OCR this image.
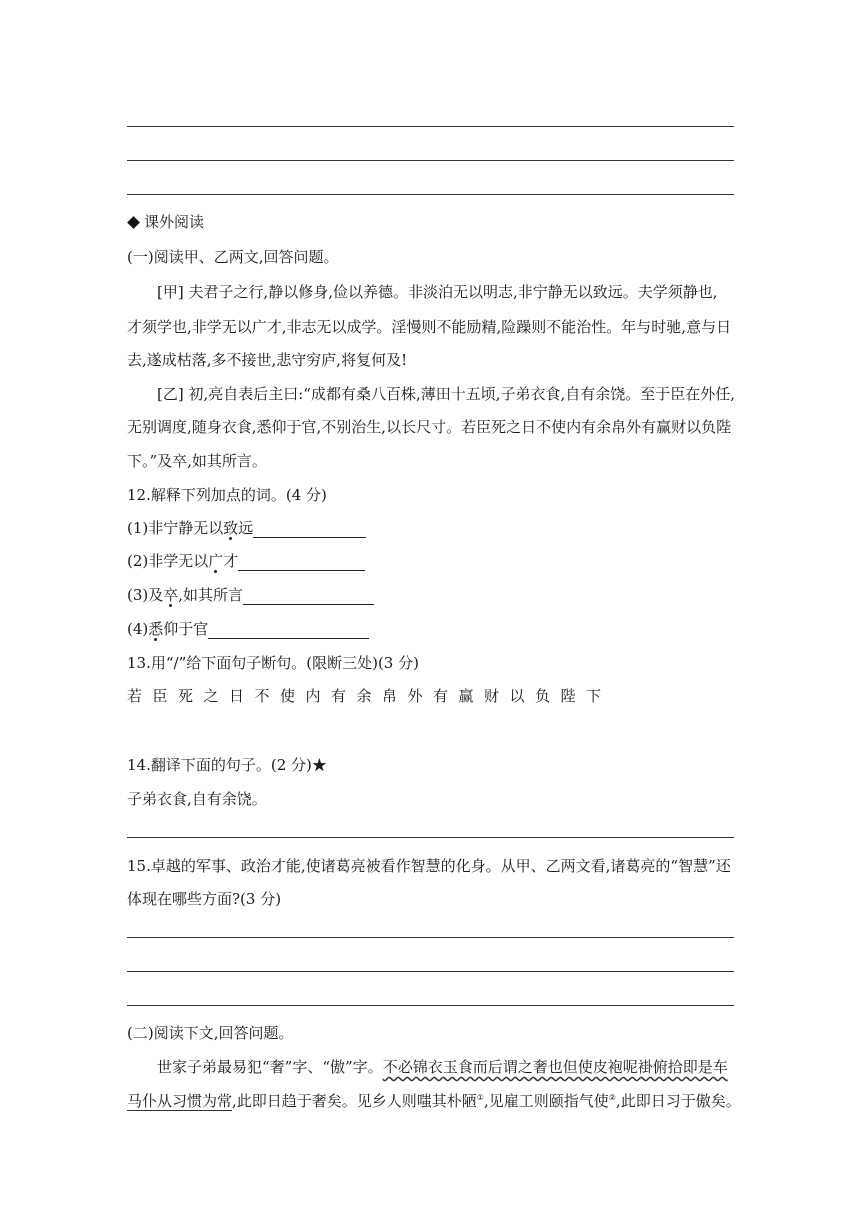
课外阅读
(一)阅读甲、乙两文,回答问题。
[甲] 夫君子之行,静以修身,俭以养德。非淡泊无以明志,非宁静无以致远。夫学须静也,
才须学也,非学无以广才,非志无以成学。淫慢则不能励精,险躁则不能治性。年与时驰,意与日
去,遂成枯落,多不接世,悲守穷庐,将复何及!
[乙] 初,亮自表后主曰:“成都有桑八百株,薄田十五顷,子弟衣食,自有余饶。至于臣在外任,
无别调度,随身衣食,悉仰于官,不别治生,以长尺寸。若臣死之日不使内有余帛外有赢财以负陛
下。”及卒,如其所言。
12.解释下列加点的词。(4 分)
(1)非宁静无以致远
(2)非学无以广才
(3)及卒,如其所言
(4)悉仰于官
13.用“/”给下面句子断句。(限断三处)(3 分)
若臣死之日不使内有余帛外有赢财以负陛下
14.翻译下面的句子。(2 分)★
子弟衣食,自有余饶。
15.卓越的军事、政治才能,使诸葛亮被看作智慧的化身。从甲、乙两文看,诸葛亮的“智慧”还
体现在哪些方面?(3 分)
(二)阅读下文,回答问题。
世家子弟最易犯“奢”字、“傲”字。不必锦衣玉食而后谓之奢也但使皮袍呢褂俯拾即是车
马仆从习惯为常,此即日趋于奢矣。见乡人则嗤其朴陋①,见雇工则颐指气使②,此即日习于傲矣。
